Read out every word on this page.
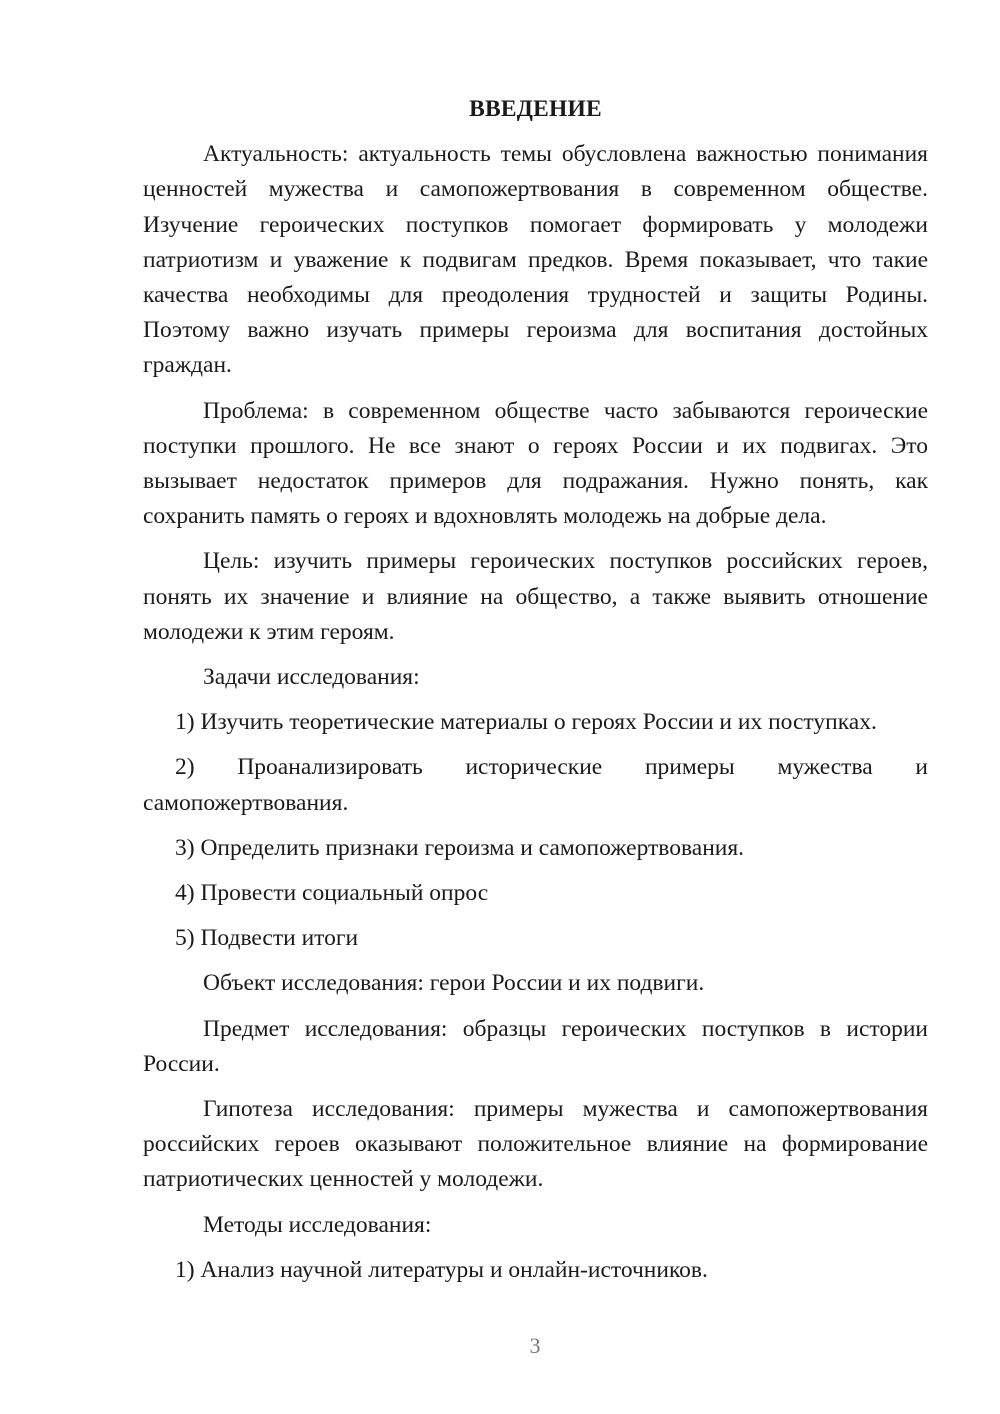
ВВЕДЕНИЕ

Актуальность: актуальность темы обусловлена важностью понимания ценностей мужества и самопожертвования в современном обществе. Изучение героических поступков помогает формировать у молодежи патриотизм и уважение к подвигам предков. Время показывает, что такие качества необходимы для преодоления трудностей и защиты Родины. Поэтому важно изучать примеры героизма для воспитания достойных граждан.

Проблема: в современном обществе часто забываются героические поступки прошлого. Не все знают о героях России и их подвигах. Это вызывает недостаток примеров для подражания. Нужно понять, как сохранить память о героях и вдохновлять молодежь на добрые дела.

Цель: изучить примеры героических поступков российских героев, понять их значение и влияние на общество, а также выявить отношение молодежи к этим героям.

Задачи исследования:

1) Изучить теоретические материалы о героях России и их поступках.

2) Проанализировать исторические примеры мужества и самопожертвования.

3) Определить признаки героизма и самопожертвования.

4) Провести социальный опрос

5) Подвести итоги

Объект исследования: герои России и их подвиги.

Предмет исследования: образцы героических поступков в истории России.

Гипотеза исследования: примеры мужества и самопожертвования российских героев оказывают положительное влияние на формирование патриотических ценностей у молодежи.

Методы исследования:

1) Анализ научной литературы и онлайн-источников.

3
